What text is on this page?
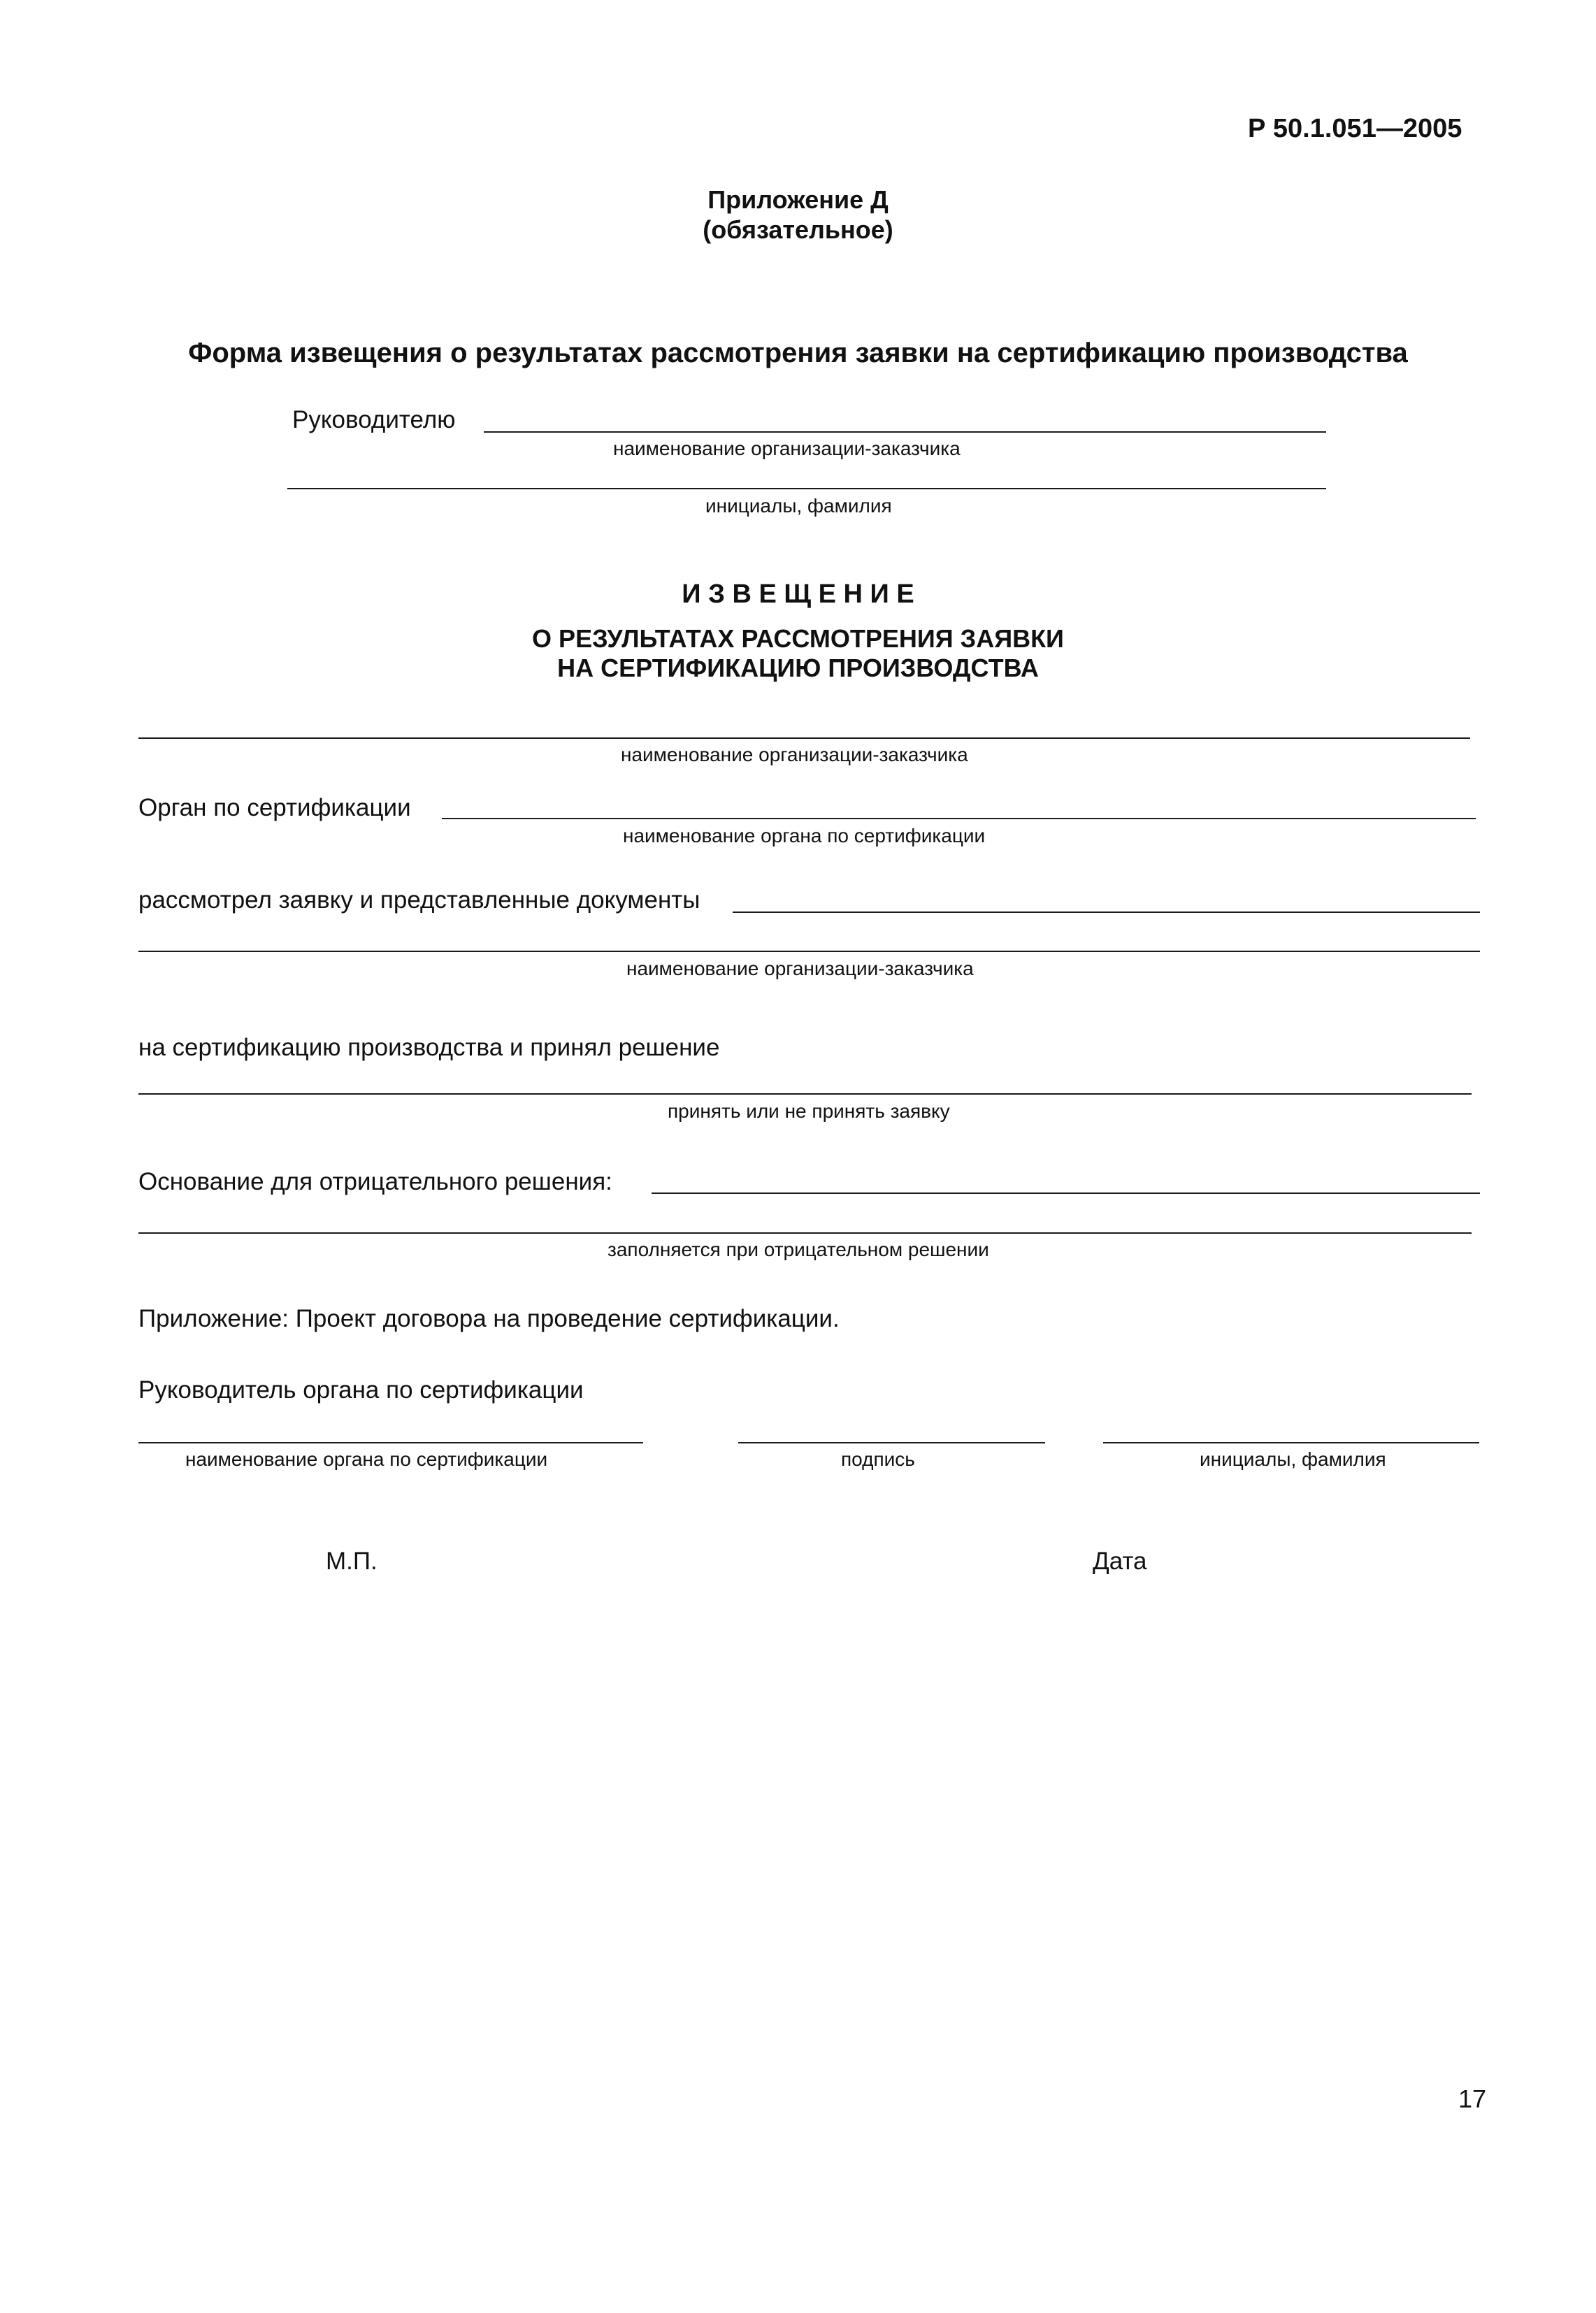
Р 50.1.051—2005
Приложение Д
(обязательное)
Форма извещения о результатах рассмотрения заявки на сертификацию производства
Руководителю
наименование организации-заказчика
инициалы, фамилия
И З В Е Щ Е Н И Е
О РЕЗУЛЬТАТАХ РАССМОТРЕНИЯ ЗАЯВКИ
НА СЕРТИФИКАЦИЮ ПРОИЗВОДСТВА
наименование организации-заказчика
Орган по сертификации
наименование органа по сертификации
рассмотрел заявку и представленные документы
наименование организации-заказчика
на сертификацию производства и принял решение
принять или не принять заявку
Основание для отрицательного решения:
заполняется при отрицательном решении
Приложение: Проект договора на проведение сертификации.
Руководитель органа по сертификации
наименование органа по сертификации	подпись	инициалы, фамилия
М.П.	Дата
17
